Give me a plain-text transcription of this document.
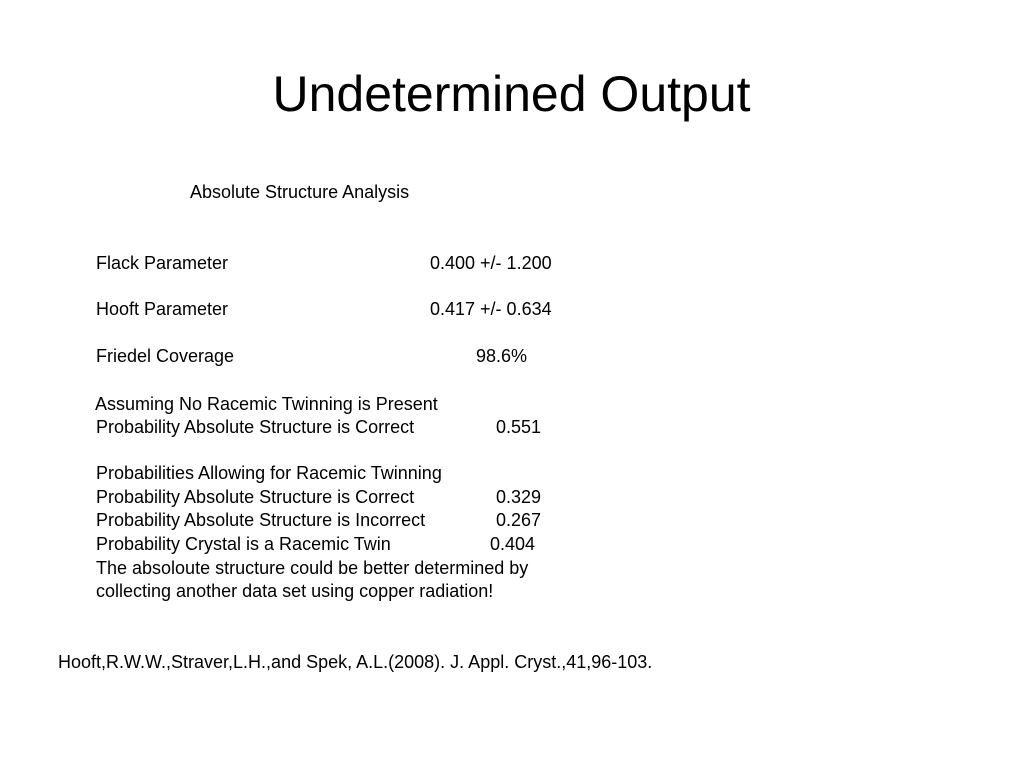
Undetermined Output
Absolute Structure Analysis
Flack Parameter	0.400 +/- 1.200
Hooft Parameter	0.417 +/- 0.634
Friedel Coverage	98.6%
Assuming No Racemic Twinning is Present
Probability Absolute Structure is Correct	0.551
Probabilities Allowing for Racemic Twinning
Probability Absolute Structure is Correct	0.329
Probability Absolute Structure is Incorrect	0.267
Probability Crystal is a Racemic Twin	0.404
The absoloute structure could be better determined by
collecting another data set using copper radiation!
Hooft,R.W.W.,Straver,L.H.,and Spek, A.L.(2008). J. Appl. Cryst.,41,96-103.
